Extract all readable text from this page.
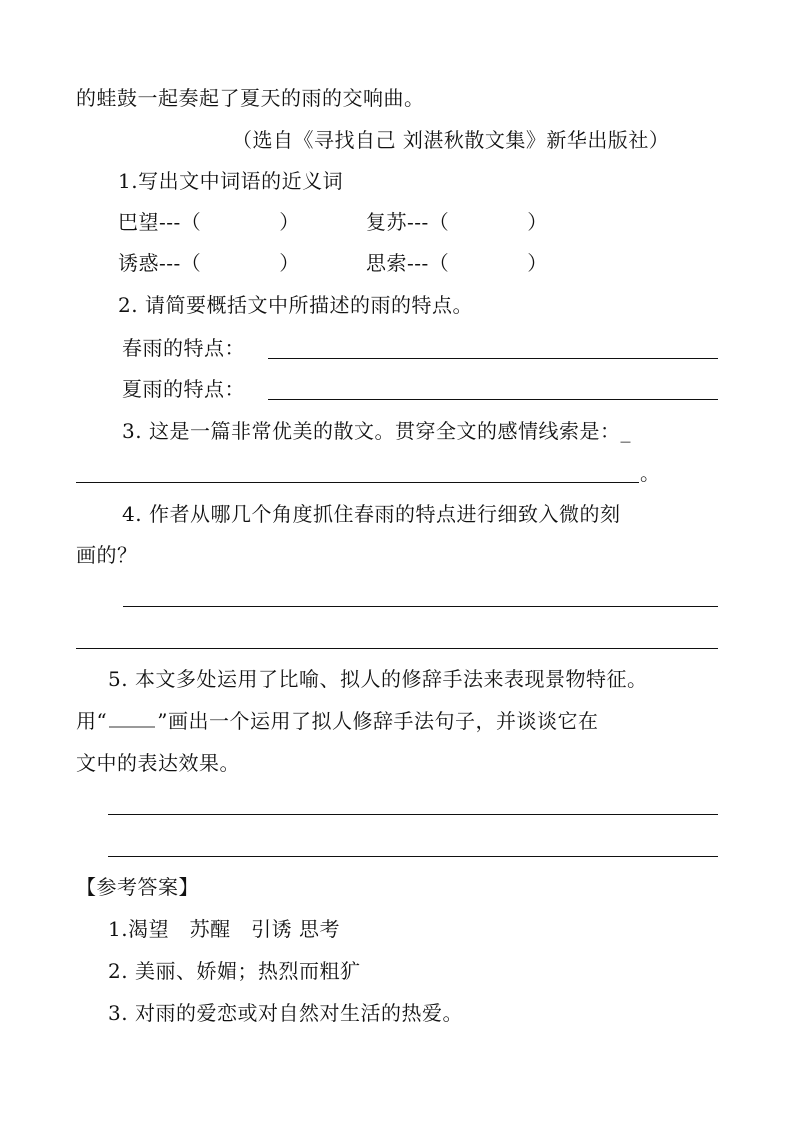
的蛙鼓一起奏起了夏天的雨的交响曲。
（选自《寻找自己 刘湛秋散文集》新华出版社）
1.写出文中词语的近义词
巴望---（	）	复苏---（	）
诱惑---（	）	思索---（	）
2. 请简要概括文中所描述的雨的特点。
春雨的特点：
夏雨的特点：
3. 这是一篇非常优美的散文。贯穿全文的感情线索是：_
。
4. 作者从哪几个角度抓住春雨的特点进行细致入微的刻
画的？
5. 本文多处运用了比喻、拟人的修辞手法来表现景物特征。
用“	”画出一个运用了拟人修辞手法句子，并谈谈它在
文中的表达效果。
【参考答案】
1.渴望　苏醒　引诱 思考
2. 美丽、娇媚；热烈而粗犷
3. 对雨的爱恋或对自然对生活的热爱。
